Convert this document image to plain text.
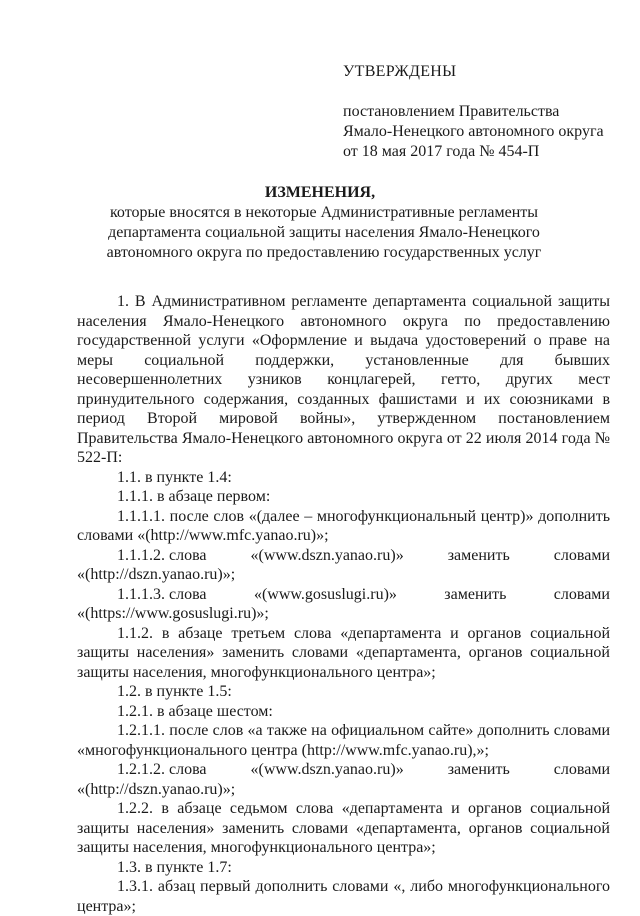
УТВЕРЖДЕНЫ
постановлением Правительства
Ямало-Ненецкого автономного округа
от 18 мая 2017 года № 454-П
ИЗМЕНЕНИЯ,
которые вносятся в некоторые Административные регламенты
департамента социальной защиты населения Ямало-Ненецкого
автономного округа по предоставлению государственных услуг

1. В Административном регламенте департамента социальной защиты населения Ямало-Ненецкого автономного округа по предоставлению государственной услуги «Оформление и выдача удостоверений о праве на меры социальной поддержки, установленные для бывших несовершеннолетних узников концлагерей, гетто, других мест принудительного содержания, созданных фашистами и их союзниками в период Второй мировой войны», утвержденном постановлением Правительства Ямало-Ненецкого автономного округа от 22 июля 2014 года № 522-П:

1.1. в пункте 1.4:

1.1.1. в абзаце первом:

1.1.1.1. после слов «(далее – многофункциональный центр)» дополнить словами «(http://www.mfc.yanao.ru)»;

1.1.1.2. слова	«(www.dszn.yanao.ru)»	заменить	словами

«(http://dszn.yanao.ru)»;

1.1.1.3. слова	«(www.gosuslugi.ru)»	заменить	словами

«(https://www.gosuslugi.ru)»;

1.1.2. в абзаце третьем слова «департамента и органов социальной защиты населения» заменить словами «департамента, органов социальной защиты населения, многофункционального центра»;

1.2. в пункте 1.5:

1.2.1. в абзаце шестом:

1.2.1.1. после слов «а также на официальном сайте» дополнить словами «многофункционального центра (http://www.mfc.yanao.ru),»;

1.2.1.2. слова	«(www.dszn.yanao.ru)»	заменить	словами

«(http://dszn.yanao.ru)»;

1.2.2. в абзаце седьмом слова «департамента и органов социальной защиты населения» заменить словами «департамента, органов социальной защиты населения, многофункционального центра»;

1.3. в пункте 1.7:

1.3.1. абзац первый дополнить словами «, либо многофункционального центра»;
